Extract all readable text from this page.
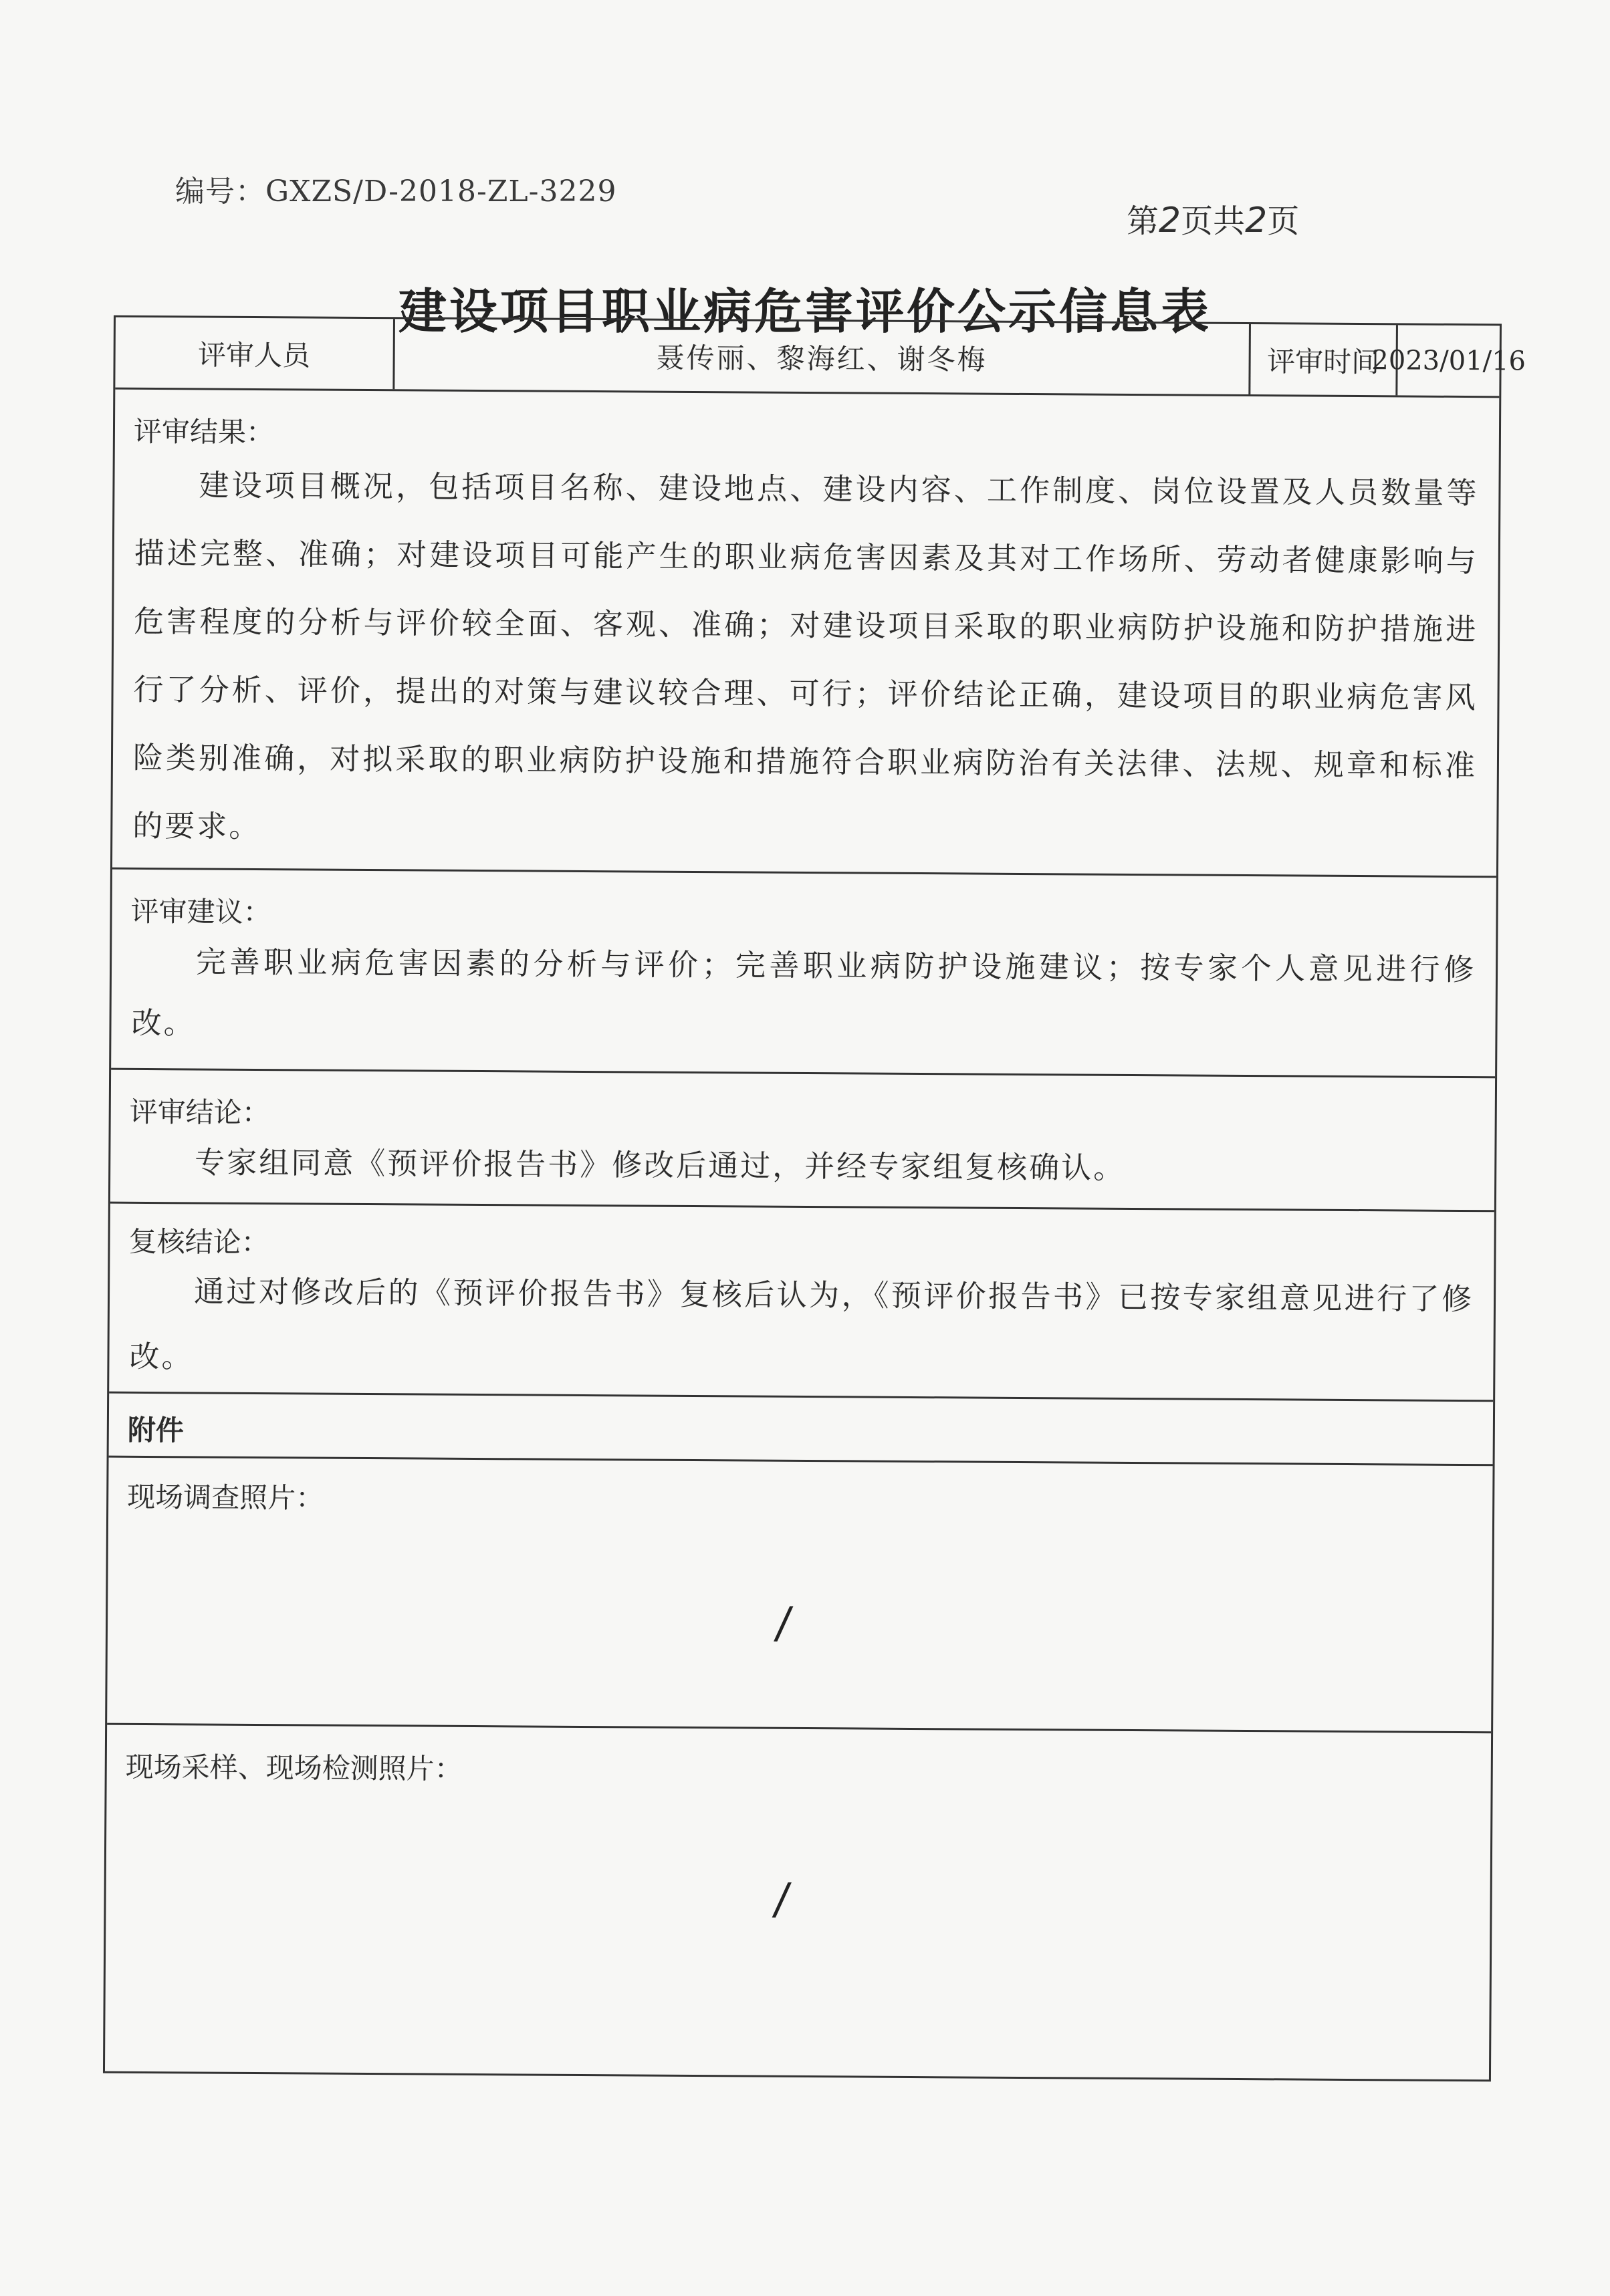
编号：GXZS/D-2018-ZL-3229
第2页共2页
建设项目职业病危害评价公示信息表
评审人员	聂传丽、黎海红、谢冬梅	评审时间
2023/01/16
评审结果：
建设项目概况，包括项目名称、建设地点、建设内容、工作制度、岗位设置及人员数量等描述完整、准确；对建设项目可能产生的职业病危害因素及其对工作场所、劳动者健康影响与危害程度的分析与评价较全面、客观、准确；对建设项目采取的职业病防护设施和防护措施进行了分析、评价，提出的对策与建议较合理、可行；评价结论正确，建设项目的职业病危害风险类别准确，对拟采取的职业病防护设施和措施符合职业病防治有关法律、法规、规章和标准的要求。
评审建议：
完善职业病危害因素的分析与评价；完善职业病防护设施建议；按专家个人意见进行修改。
评审结论：
专家组同意《预评价报告书》修改后通过，并经专家组复核确认。
复核结论：
通过对修改后的《预评价报告书》复核后认为，《预评价报告书》已按专家组意见进行了修改。
附件
现场调查照片：
/
现场采样、现场检测照片：
/
